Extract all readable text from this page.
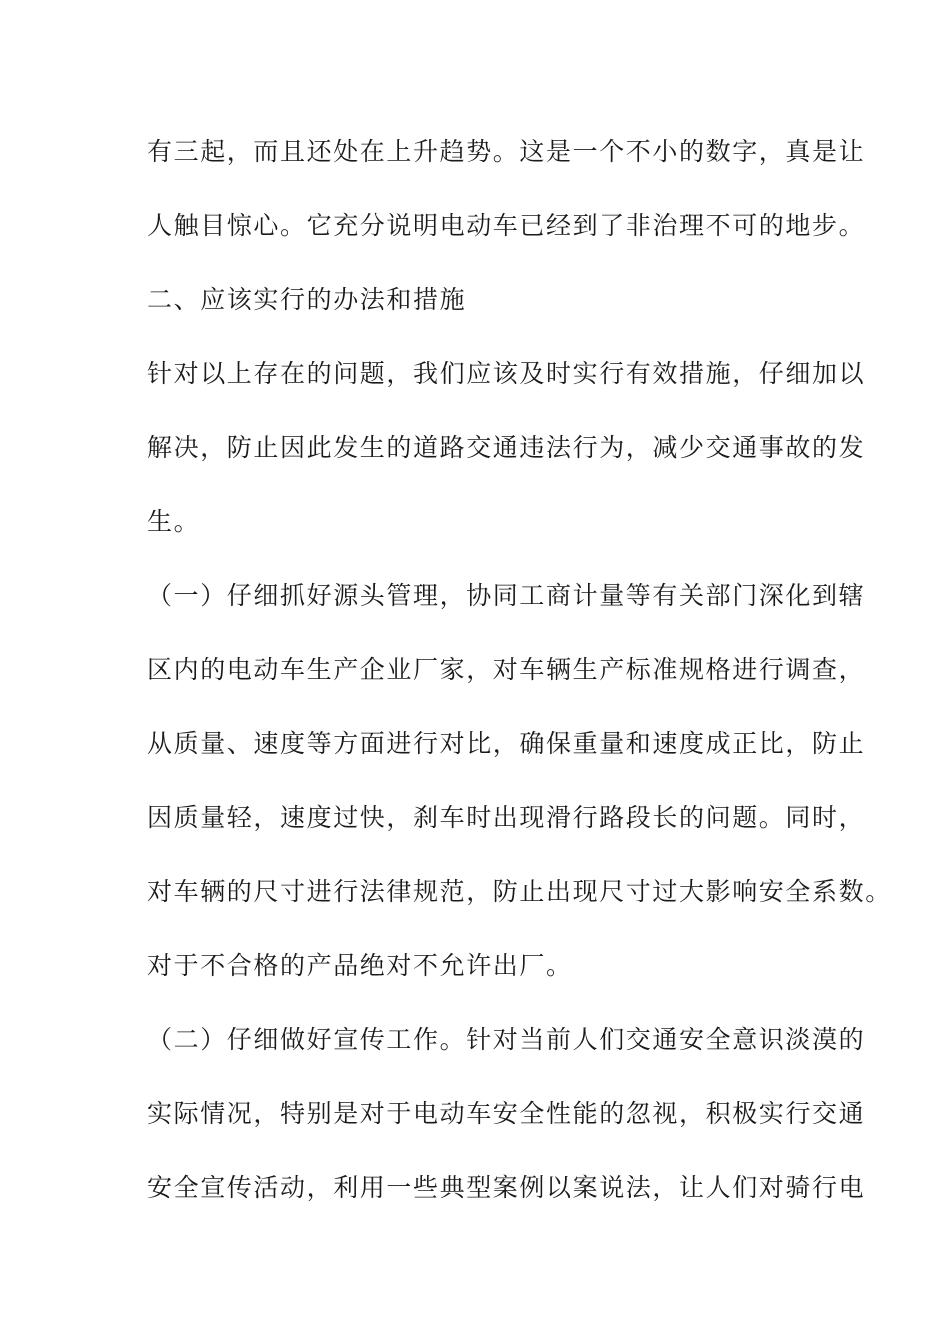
有三起，而且还处在上升趋势。这是一个不小的数字，真是让
人触目惊心。它充分说明电动车已经到了非治理不可的地步。
二、应该实行的办法和措施
针对以上存在的问题，我们应该及时实行有效措施，仔细加以
解决，防止因此发生的道路交通违法行为，减少交通事故的发
生。
（一）仔细抓好源头管理，协同工商计量等有关部门深化到辖
区内的电动车生产企业厂家，对车辆生产标准规格进行调查，
从质量、速度等方面进行对比，确保重量和速度成正比，防止
因质量轻，速度过快，刹车时出现滑行路段长的问题。同时，
对车辆的尺寸进行法律规范，防止出现尺寸过大影响安全系数。
对于不合格的产品绝对不允许出厂。
（二）仔细做好宣传工作。针对当前人们交通安全意识淡漠的
实际情况，特别是对于电动车安全性能的忽视，积极实行交通
安全宣传活动，利用一些典型案例以案说法，让人们对骑行电
